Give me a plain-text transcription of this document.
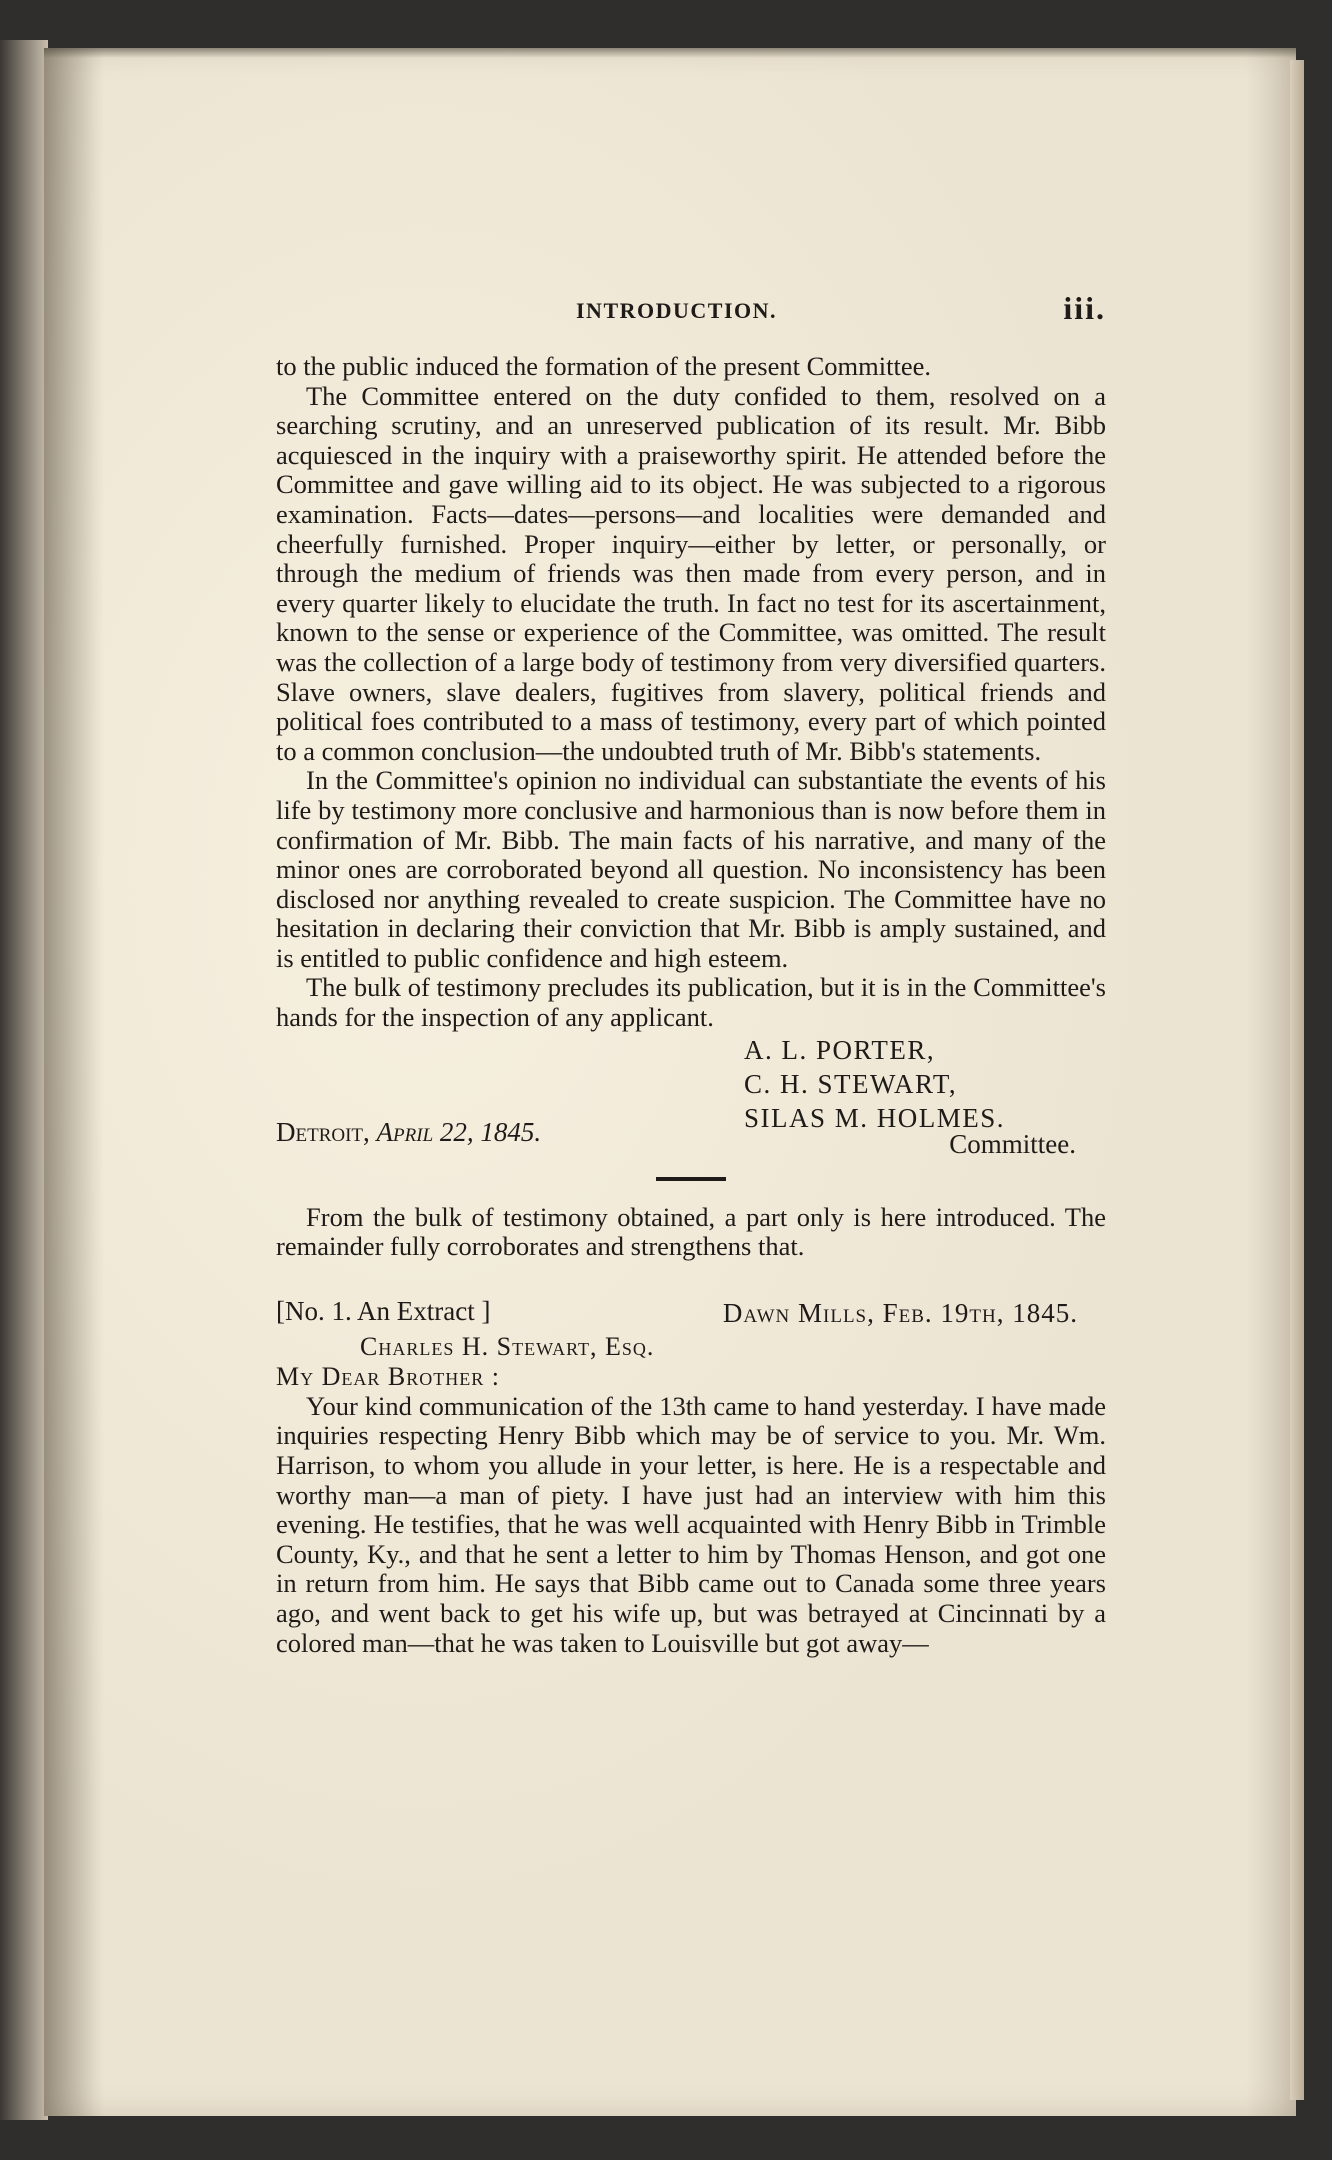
INTRODUCTION.	iii.

to the public induced the formation of the present Committee.

The Committee entered on the duty confided to them, resolved on a searching scrutiny, and an unreserved publication of its result. Mr. Bibb acquiesced in the inquiry with a praiseworthy spirit. He attended before the Committee and gave willing aid to its object. He was subjected to a rigorous examination. Facts—dates—persons—and localities were demanded and cheerfully furnished. Proper inquiry—either by letter, or personally, or through the medium of friends was then made from every person, and in every quarter likely to elucidate the truth. In fact no test for its ascertainment, known to the sense or experience of the Committee, was omitted. The result was the collection of a large body of testimony from very diversified quarters. Slave owners, slave dealers, fugitives from slavery, political friends and political foes contributed to a mass of testimony, every part of which pointed to a common conclusion—the undoubted truth of Mr. Bibb's statements.

In the Committee's opinion no individual can substantiate the events of his life by testimony more conclusive and harmonious than is now before them in confirmation of Mr. Bibb. The main facts of his narrative, and many of the minor ones are corroborated beyond all question. No inconsistency has been disclosed nor anything revealed to create suspicion. The Committee have no hesitation in declaring their conviction that Mr. Bibb is amply sustained, and is entitled to public confidence and high esteem.

The bulk of testimony precludes its publication, but it is in the Committee's hands for the inspection of any applicant.

A. L. PORTER,
C. H. STEWART,
SILAS M. HOLMES.
Detroit, April 22, 1845.	Committee.

From the bulk of testimony obtained, a part only is here introduced. The remainder fully corroborates and strengthens that.

[No. 1. An Extract ]	Dawn Mills, Feb. 19th, 1845.
Charles H. Stewart, Esq.
My Dear Brother :

Your kind communication of the 13th came to hand yesterday. I have made inquiries respecting Henry Bibb which may be of service to you. Mr. Wm. Harrison, to whom you allude in your letter, is here. He is a respectable and worthy man—a man of piety. I have just had an interview with him this evening. He testifies, that he was well acquainted with Henry Bibb in Trimble County, Ky., and that he sent a letter to him by Thomas Henson, and got one in return from him. He says that Bibb came out to Canada some three years ago, and went back to get his wife up, but was betrayed at Cincinnati by a colored man—that he was taken to Louisville but got away—
